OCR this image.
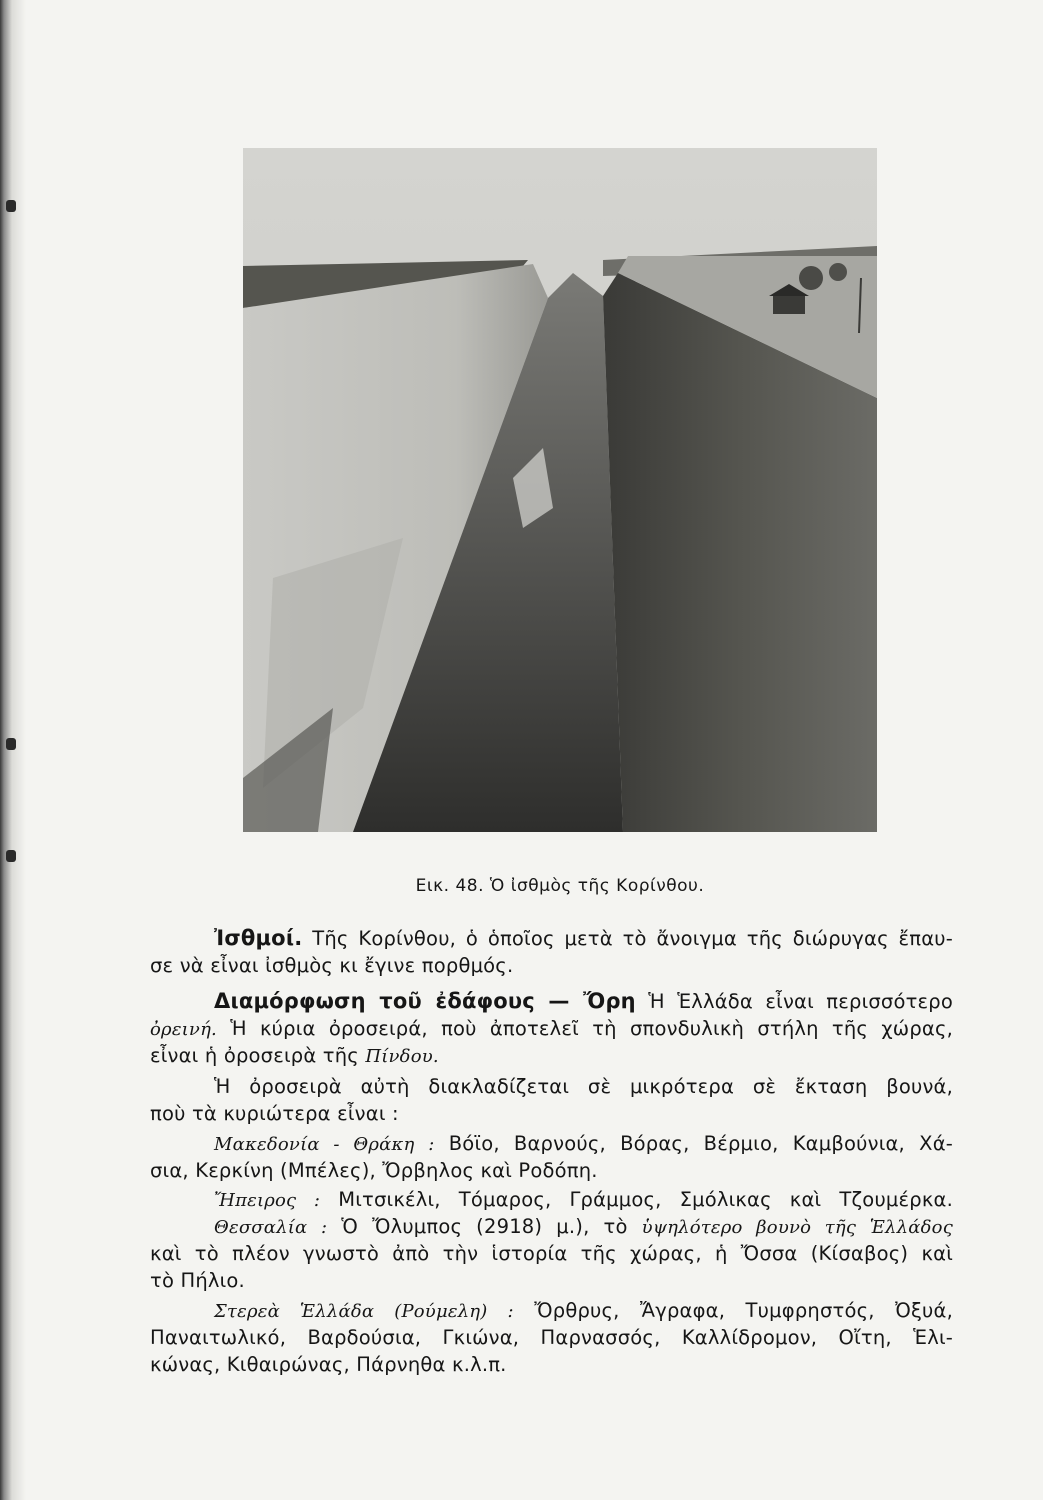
Εικ. 48. Ὁ ἰσθμὸς τῆς Κορίνθου.
Ἰσθμοί. Τῆς Κορίνθου, ὁ ὁποῖος μετὰ τὸ ἄνοιγμα τῆς διώρυγας ἔπαυ-
σε νὰ εἶναι ἰσθμὸς κι ἔγινε πορθμός.
Διαμόρφωση τοῦ ἐδάφους — Ὄρη Ἡ Ἑλλάδα εἶναι περισσότερο
ὀρεινή. Ἡ κύρια ὀροσειρά, ποὺ ἀποτελεῖ τὴ σπονδυλικὴ στήλη τῆς χώρας,
εἶναι ἡ ὀροσειρὰ τῆς Πίνδου.
Ἡ ὀροσειρὰ αὐτὴ διακλαδίζεται σὲ μικρότερα σὲ ἔκταση βουνά,
ποὺ τὰ κυριώτερα εἶναι :
Μακεδονία - Θράκη : Βόϊο, Βαρνούς, Βόρας, Βέρμιο, Καμβούνια, Χά-
σια, Κερκίνη (Μπέλες), Ὄρβηλος καὶ Ροδόπη.
Ἤπειρος : Μιτσικέλι, Τόμαρος, Γράμμος, Σμόλικας καὶ Τζουμέρκα.
Θεσσαλία : Ὁ Ὄλυμπος (2918) μ.), τὸ ὑψηλότερο βουνὸ τῆς Ἑλλάδος
καὶ τὸ πλέον γνωστὸ ἀπὸ τὴν ἱστορία τῆς χώρας, ἡ Ὄσσα (Κίσαβος) καὶ
τὸ Πήλιο.
Στερεὰ Ἑλλάδα (Ρούμελη) : Ὄρθρυς, Ἄγραφα, Τυμφρηστός, Ὀξυά,
Παναιτωλικό, Βαρδούσια, Γκιώνα, Παρνασσός, Καλλίδρομον, Οἴτη, Ἑλι-
κώνας, Κιθαιρώνας, Πάρνηθα κ.λ.π.
